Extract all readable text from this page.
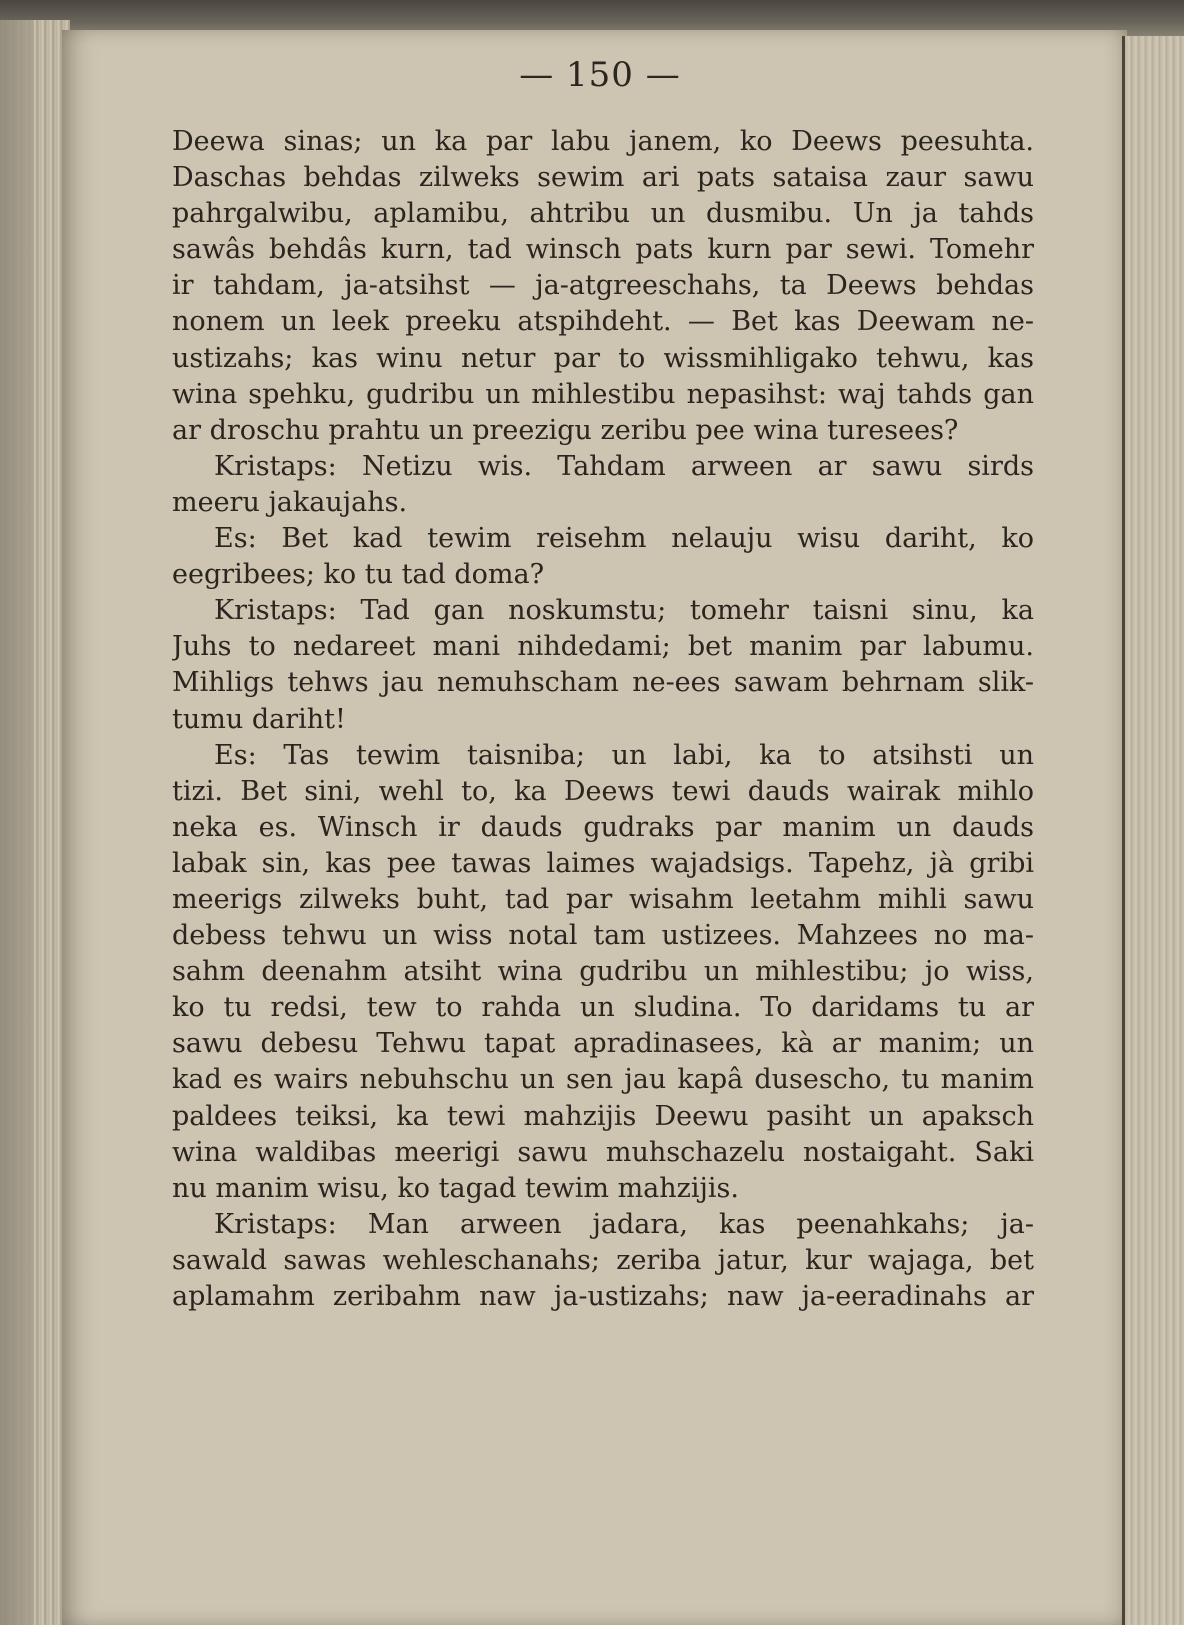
— 150 —
Deewa sinas; un ka par labu janem, ko Deews peesuhta.
Daschas behdas zilweks sewim ari pats sataisa zaur sawu
pahrgalwibu, aplamibu, ahtribu un dusmibu. Un ja tahds
sawâs behdâs kurn, tad winsch pats kurn par sewi. Tomehr
ir tahdam, ja-atsihst — ja-atgreeschahs, ta Deews behdas
nonem un leek preeku atspihdeht. — Bet kas Deewam ne-
ustizahs; kas winu netur par to wissmihligako tehwu, kas
wina spehku, gudribu un mihlestibu nepasihst: waj tahds gan
ar droschu prahtu un preezigu zeribu pee wina turesees?
Kristaps: Netizu wis. Tahdam arween ar sawu sirds
meeru jakaujahs.
Es: Bet kad tewim reisehm nelauju wisu dariht, ko
eegribees; ko tu tad doma?
Kristaps: Tad gan noskumstu; tomehr taisni sinu, ka
Juhs to nedareet mani nihdedami; bet manim par labumu.
Mihligs tehws jau nemuhscham ne-ees sawam behrnam slik-
tumu dariht!
Es: Tas tewim taisniba; un labi, ka to atsihsti un
tizi. Bet sini, wehl to, ka Deews tewi dauds wairak mihlo
neka es. Winsch ir dauds gudraks par manim un dauds
labak sin, kas pee tawas laimes wajadsigs. Tapehz, jà gribi
meerigs zilweks buht, tad par wisahm leetahm mihli sawu
debess tehwu un wiss notal tam ustizees. Mahzees no ma-
sahm deenahm atsiht wina gudribu un mihlestibu; jo wiss,
ko tu redsi, tew to rahda un sludina. To daridams tu ar
sawu debesu Tehwu tapat apradinasees, kà ar manim; un
kad es wairs nebuhschu un sen jau kapâ dusescho, tu manim
paldees teiksi, ka tewi mahzijis Deewu pasiht un apaksch
wina waldibas meerigi sawu muhschazelu nostaigaht. Saki
nu manim wisu, ko tagad tewim mahzijis.
Kristaps: Man arween jadara, kas peenahkahs; ja-
sawald sawas wehleschanahs; zeriba jatur, kur wajaga, bet
aplamahm zeribahm naw ja-ustizahs; naw ja-eeradinahs ar
